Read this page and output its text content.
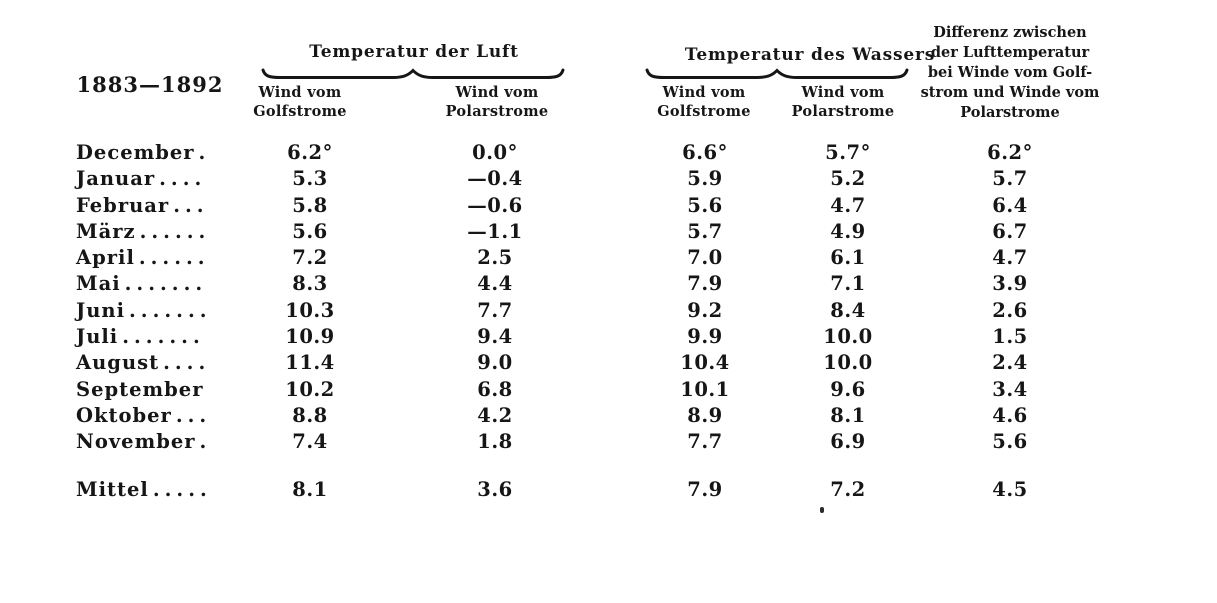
1883—1892
Temperatur der Luft
Wind vom
Golfstrome
Wind vom
Polarstrome
Temperatur des Wassers
Wind vom
Golfstrome
Wind vom
Polarstrome
Differenz zwischen
der Lufttemperatur
bei Winde vom Golf-
strom und Winde vom
Polarstrome
December .	6.2°	0.0°	6.6°	5.7°	6.2°
Januar ....	5.3	—0.4	5.9	5.2	5.7
Februar ...	5.8	—0.6	5.6	4.7	6.4
März ......	5.6	—1.1	5.7	4.9	6.7
April ......	7.2	2.5	7.0	6.1	4.7
Mai .......	8.3	4.4	7.9	7.1	3.9
Juni .......	10.3	7.7	9.2	8.4	2.6
Juli .......	10.9	9.4	9.9	10.0	1.5
August ....	11.4	9.0	10.4	10.0	2.4
September	10.2	6.8	10.1	9.6	3.4
Oktober ...	8.8	4.2	8.9	8.1	4.6
November .	7.4	1.8	7.7	6.9	5.6
Mittel .....	8.1	3.6	7.9	7.2	4.5
